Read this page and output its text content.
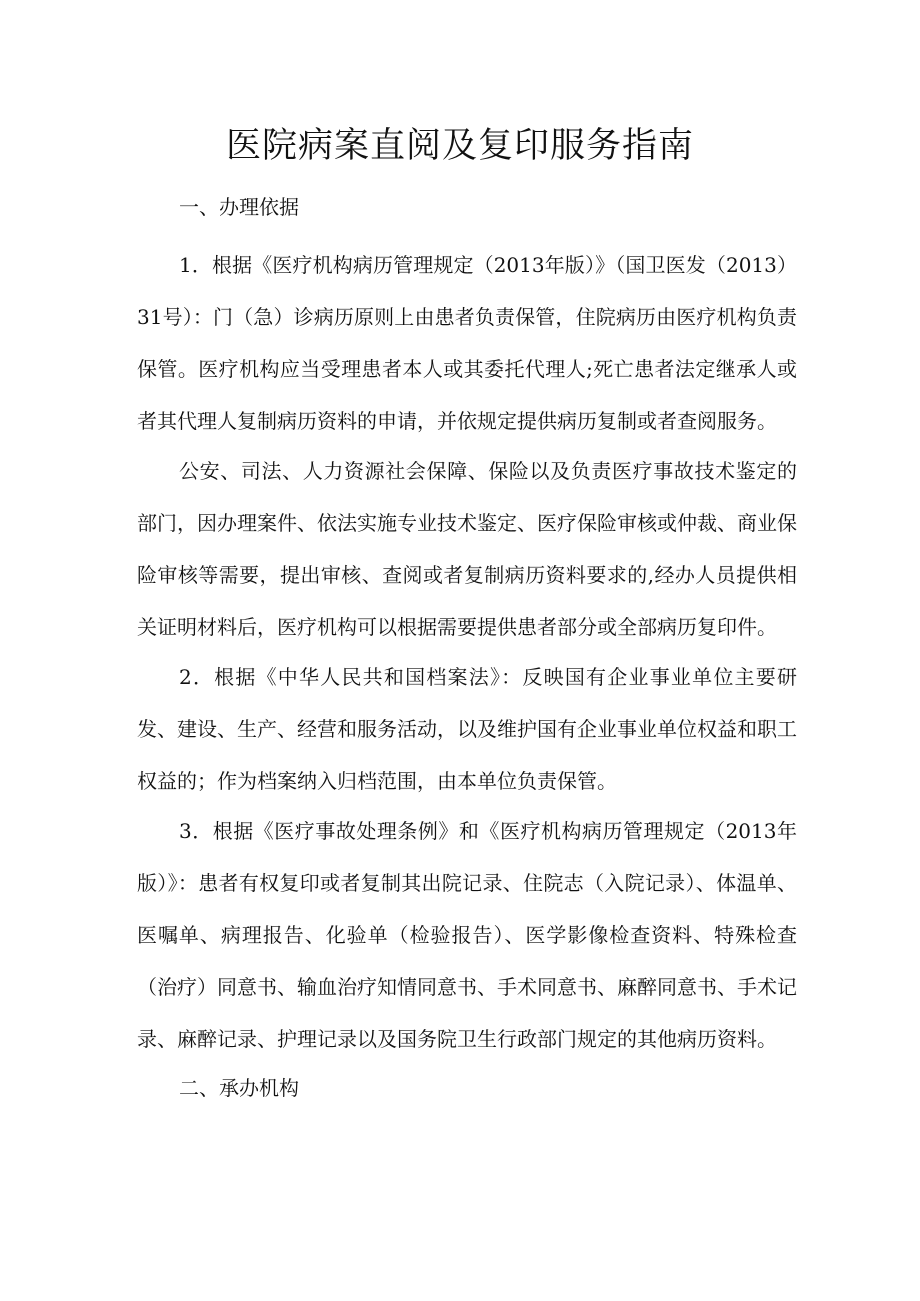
医院病案直阅及复印服务指南

一、办理依据

1．根据《医疗机构病历管理规定（2013年版）》（国卫医发（2013）31号）：门（急）诊病历原则上由患者负责保管，住院病历由医疗机构负责保管。医疗机构应当受理患者本人或其委托代理人;死亡患者法定继承人或者其代理人复制病历资料的申请，并依规定提供病历复制或者查阅服务。

公安、司法、人力资源社会保障、保险以及负责医疗事故技术鉴定的部门，因办理案件、依法实施专业技术鉴定、医疗保险审核或仲裁、商业保险审核等需要，提出审核、查阅或者复制病历资料要求的,经办人员提供相关证明材料后，医疗机构可以根据需要提供患者部分或全部病历复印件。

2．根据《中华人民共和国档案法》：反映国有企业事业单位主要研发、建设、生产、经营和服务活动，以及维护国有企业事业单位权益和职工权益的；作为档案纳入归档范围，由本单位负责保管。

3．根据《医疗事故处理条例》和《医疗机构病历管理规定（2013年版）》：患者有权复印或者复制其出院记录、住院志（入院记录）、体温单、医嘱单、病理报告、化验单（检验报告）、医学影像检查资料、特殊检查（治疗）同意书、输血治疗知情同意书、手术同意书、麻醉同意书、手术记录、麻醉记录、护理记录以及国务院卫生行政部门规定的其他病历资料。

二、承办机构
